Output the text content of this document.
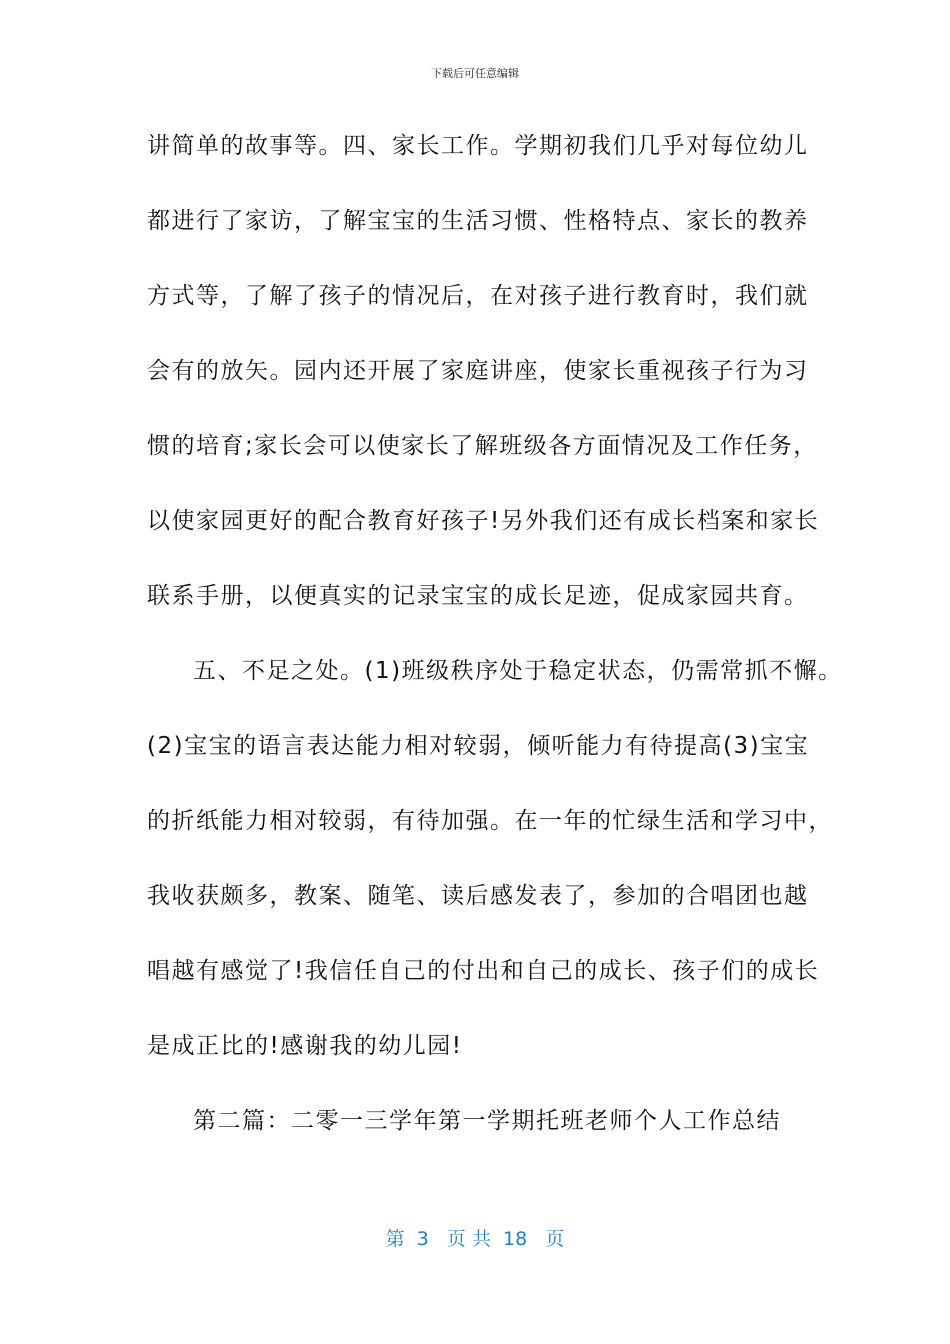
下载后可任意编辑
讲简单的故事等。四、家长工作。学期初我们几乎对每位幼儿
都进行了家访，了解宝宝的生活习惯、性格特点、家长的教养
方式等，了解了孩子的情况后，在对孩子进行教育时，我们就
会有的放矢。园内还开展了家庭讲座，使家长重视孩子行为习
惯的培育;家长会可以使家长了解班级各方面情况及工作任务，
以使家园更好的配合教育好孩子!另外我们还有成长档案和家长
联系手册，以便真实的记录宝宝的成长足迹，促成家园共育。
五、不足之处。(1)班级秩序处于稳定状态，仍需常抓不懈。
(2)宝宝的语言表达能力相对较弱，倾听能力有待提高(3)宝宝
的折纸能力相对较弱，有待加强。在一年的忙绿生活和学习中，
我收获颇多，教案、随笔、读后感发表了，参加的合唱团也越
唱越有感觉了!我信任自己的付出和自己的成长、孩子们的成长
是成正比的!感谢我的幼儿园!
第二篇：二零一三学年第一学期托班老师个人工作总结
第  3   页 共  18   页
